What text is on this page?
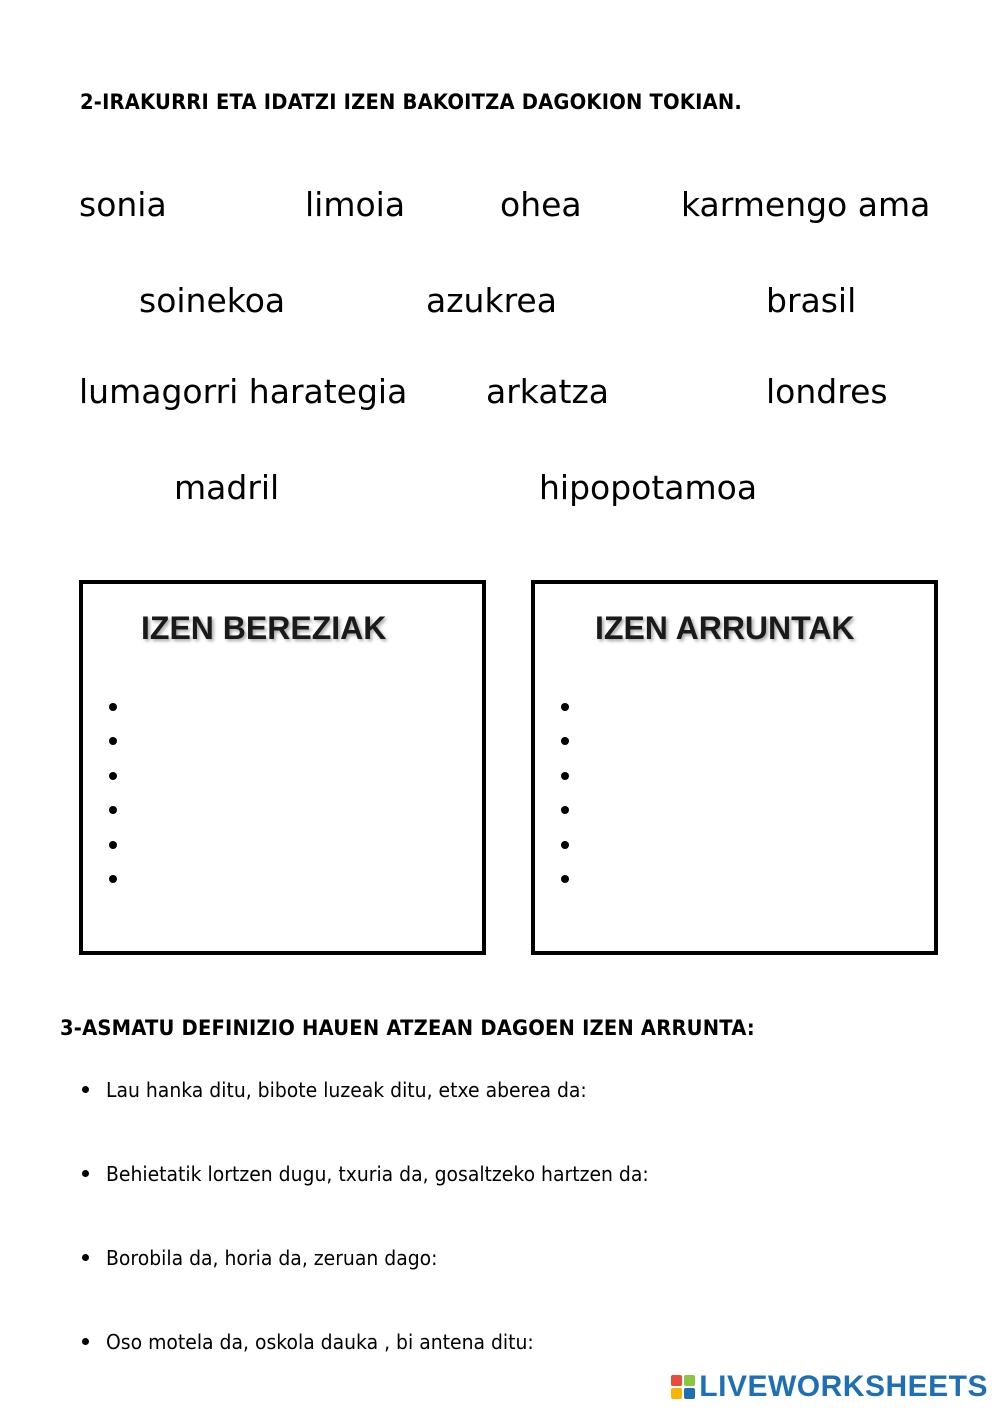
2-IRAKURRI ETA IDATZI IZEN BAKOITZA DAGOKION TOKIAN.
sonia	limoia	ohea	karmengo ama
soinekoa	azukrea	brasil
lumagorri harategia arkatza	londres
madril	hipopotamoa
IZEN BEREZIAK	IZEN ARRUNTAK
3-ASMATU DEFINIZIO HAUEN ATZEAN DAGOEN IZEN ARRUNTA:
Lau hanka ditu, bibote luzeak ditu, etxe aberea da:
Behietatik lortzen dugu, txuria da, gosaltzeko hartzen da:
Borobila da, horia da, zeruan dago:
Oso motela da, oskola dauka , bi antena ditu:
LIVEWORKSHEETS
